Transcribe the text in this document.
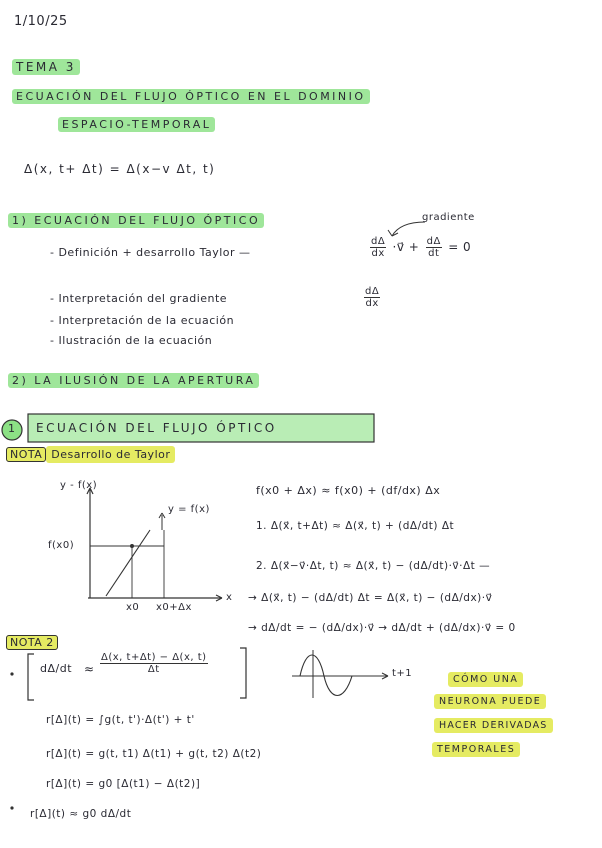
1/10/25
TEMA 3
ECUACIÓN DEL FLUJO ÓPTICO EN EL DOMINIO
ESPACIO-TEMPORAL
Δ(x, t+ Δt) = Δ(x−v Δt, t)
1) ECUACIÓN DEL FLUJO ÓPTICO	gradiente
- Definición + desarrollo Taylor —	$\frac{d\Delta}{dx}$ ·v⃗ + $\frac{d\Delta}{dt} = 0$
- Interpretación del gradiente	$\frac{d\Delta}{dx}$
- Interpretación de la ecuación
- Ilustración de la ecuación
2) LA ILUSIÓN DE LA APERTURA
1 ECUACIÓN DEL FLUJO ÓPTICO
NOTA Desarrollo de Taylor
y - f(x)
y = f(x)
f(x0)
x0 x0+Δx
x
f(x0 + Δx) ≈ f(x0) + (df/dx) Δx
1. Δ(x⃗, t+Δt) ≈ Δ(x⃗, t) + (dΔ/dt) Δt
2. Δ(x⃗−v⃗·Δt, t) ≈ Δ(x⃗, t) − (dΔ/dt)·v⃗·Δt —
→ Δ(x⃗, t) − (dΔ/dt) Δt = Δ(x⃗, t) − (dΔ/dx)·v⃗
→ dΔ/dt = − (dΔ/dx)·v⃗ → dΔ/dt + (dΔ/dx)·v⃗ = 0
NOTA 2
$d\Delta/dt \approx \frac{\Delta(x, t+\Delta t) - \Delta(x, t)}{\Delta t}$	t+1
r[Δ](t) = ∫g(t, t')·Δ(t') + t'
r[Δ](t) = g(t, t1) Δ(t1) + g(t, t2) Δ(t2)
r[Δ](t) = g0 [Δ(t1) − Δ(t2)]
r[Δ](t) ≈ g0 dΔ/dt
CÓMO UNA
NEURONA PUEDE
HACER DERIVADAS
TEMPORALES
